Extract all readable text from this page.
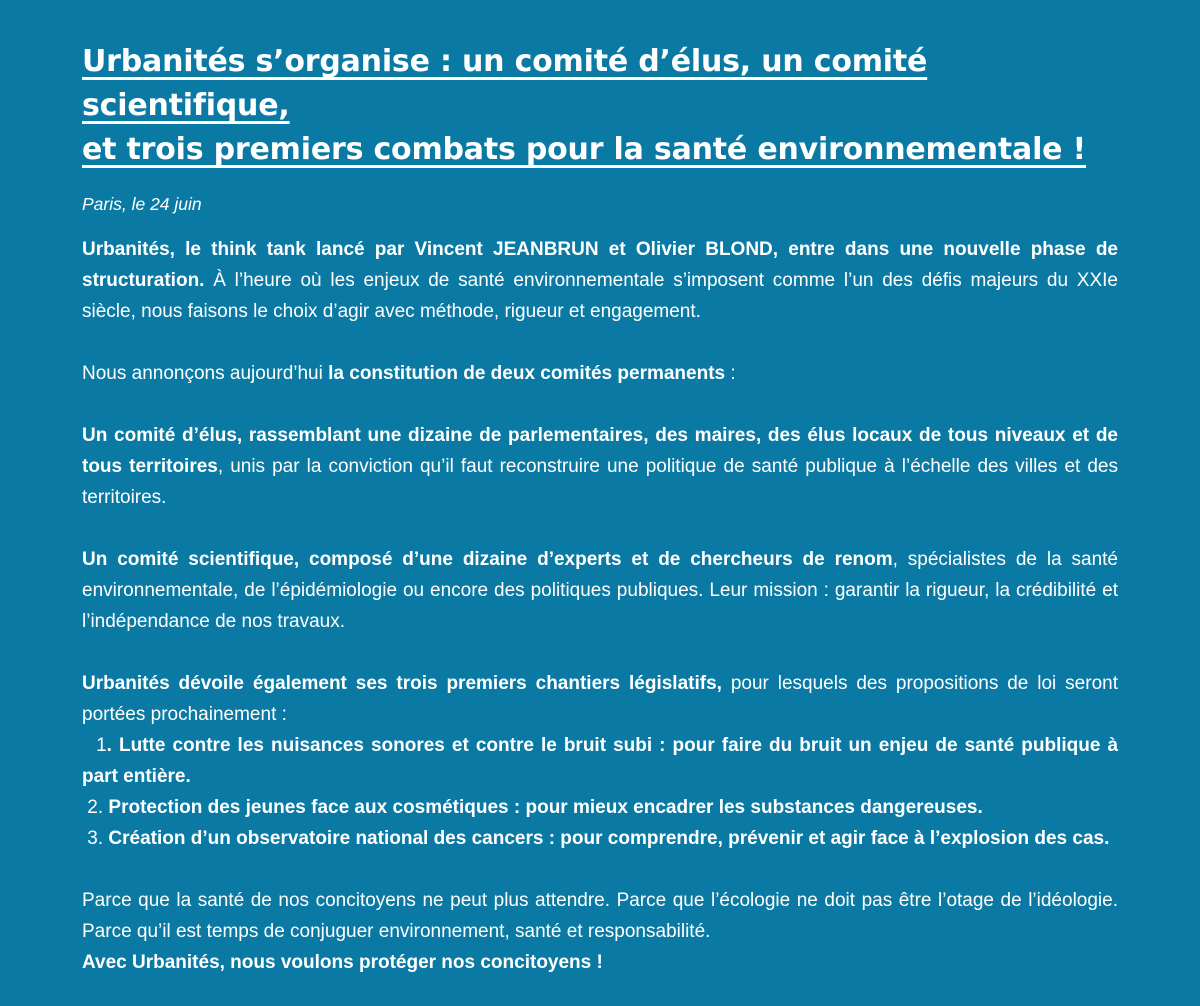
Urbanités s’organise : un comité d’élus, un comité scientifique,
et trois premiers combats pour la santé environnementale !

Paris, le 24 juin

Urbanités, le think tank lancé par Vincent JEANBRUN et Olivier BLOND, entre dans une nouvelle phase de structuration. À l’heure où les enjeux de santé environnementale s’imposent comme l’un des défis majeurs du XXIe siècle, nous faisons le choix d’agir avec méthode, rigueur et engagement.

Nous annonçons aujourd’hui la constitution de deux comités permanents :

Un comité d’élus, rassemblant une dizaine de parlementaires, des maires, des élus locaux de tous niveaux et de tous territoires, unis par la conviction qu’il faut reconstruire une politique de santé publique à l’échelle des villes et des territoires.

Un comité scientifique, composé d’une dizaine d’experts et de chercheurs de renom, spécialistes de la santé environnementale, de l’épidémiologie ou encore des politiques publiques. Leur mission : garantir la rigueur, la crédibilité et l’indépendance de nos travaux.

Urbanités dévoile également ses trois premiers chantiers législatifs, pour lesquels des propositions de loi seront portées prochainement :

1. Lutte contre les nuisances sonores et contre le bruit subi : pour faire du bruit un enjeu de santé publique à part entière.

2. Protection des jeunes face aux cosmétiques : pour mieux encadrer les substances dangereuses.

3. Création d’un observatoire national des cancers : pour comprendre, prévenir et agir face à l’explosion des cas.

Parce que la santé de nos concitoyens ne peut plus attendre. Parce que l’écologie ne doit pas être l’otage de l’idéologie. Parce qu’il est temps de conjuguer environnement, santé et responsabilité.
Avec Urbanités, nous voulons protéger nos concitoyens !
